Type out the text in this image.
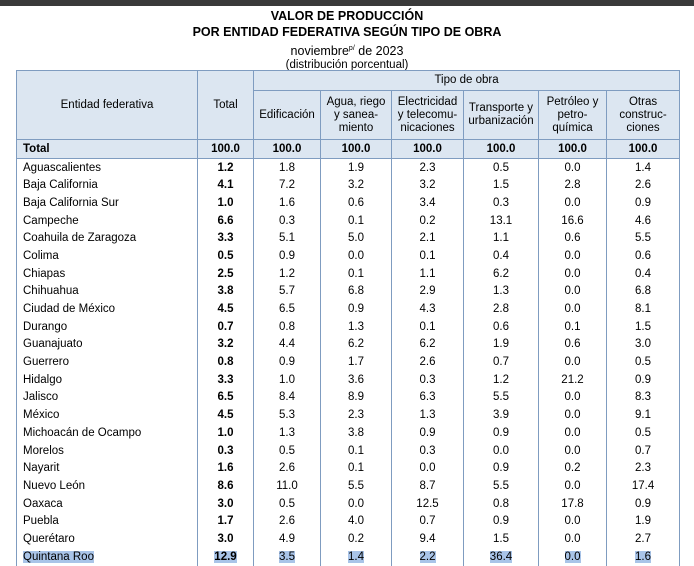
VALOR DE PRODUCCIÓN
POR ENTIDAD FEDERATIVA SEGÚN TIPO DE OBRA
noviembre$^{p/}$ de 2023
(distribución porcentual)
Entidad federativa	Total	Tipo de obra					
		Edificación	Agua, riego y sanea-miento	Electricidad y telecomu-nicaciones	Transporte y urbanización	Petróleo y petro-química	Otras construc-ciones
Total	100.0	100.0	100.0	100.0	100.0	100.0	100.0
Aguascalientes	1.2	1.8	1.9	2.3	0.5	0.0	1.4
Baja California	4.1	7.2	3.2	3.2	1.5	2.8	2.6
Baja California Sur	1.0	1.6	0.6	3.4	0.3	0.0	0.9
Campeche	6.6	0.3	0.1	0.2	13.1	16.6	4.6
Coahuila de Zaragoza	3.3	5.1	5.0	2.1	1.1	0.6	5.5
Colima	0.5	0.9	0.0	0.1	0.4	0.0	0.6
Chiapas	2.5	1.2	0.1	1.1	6.2	0.0	0.4
Chihuahua	3.8	5.7	6.8	2.9	1.3	0.0	6.8
Ciudad de México	4.5	6.5	0.9	4.3	2.8	0.0	8.1
Durango	0.7	0.8	1.3	0.1	0.6	0.1	1.5
Guanajuato	3.2	4.4	6.2	6.2	1.9	0.6	3.0
Guerrero	0.8	0.9	1.7	2.6	0.7	0.0	0.5
Hidalgo	3.3	1.0	3.6	0.3	1.2	21.2	0.9
Jalisco	6.5	8.4	8.9	6.3	5.5	0.0	8.3
México	4.5	5.3	2.3	1.3	3.9	0.0	9.1
Michoacán de Ocampo	1.0	1.3	3.8	0.9	0.9	0.0	0.5
Morelos	0.3	0.5	0.1	0.3	0.0	0.0	0.7
Nayarit	1.6	2.6	0.1	0.0	0.9	0.2	2.3
Nuevo León	8.6	11.0	5.5	8.7	5.5	0.0	17.4
Oaxaca	3.0	0.5	0.0	12.5	0.8	17.8	0.9
Puebla	1.7	2.6	4.0	0.7	0.9	0.0	1.9
Querétaro	3.0	4.9	0.2	9.4	1.5	0.0	2.7
Quintana Roo	12.9	3.5	1.4	2.2	36.4	0.0	1.6
